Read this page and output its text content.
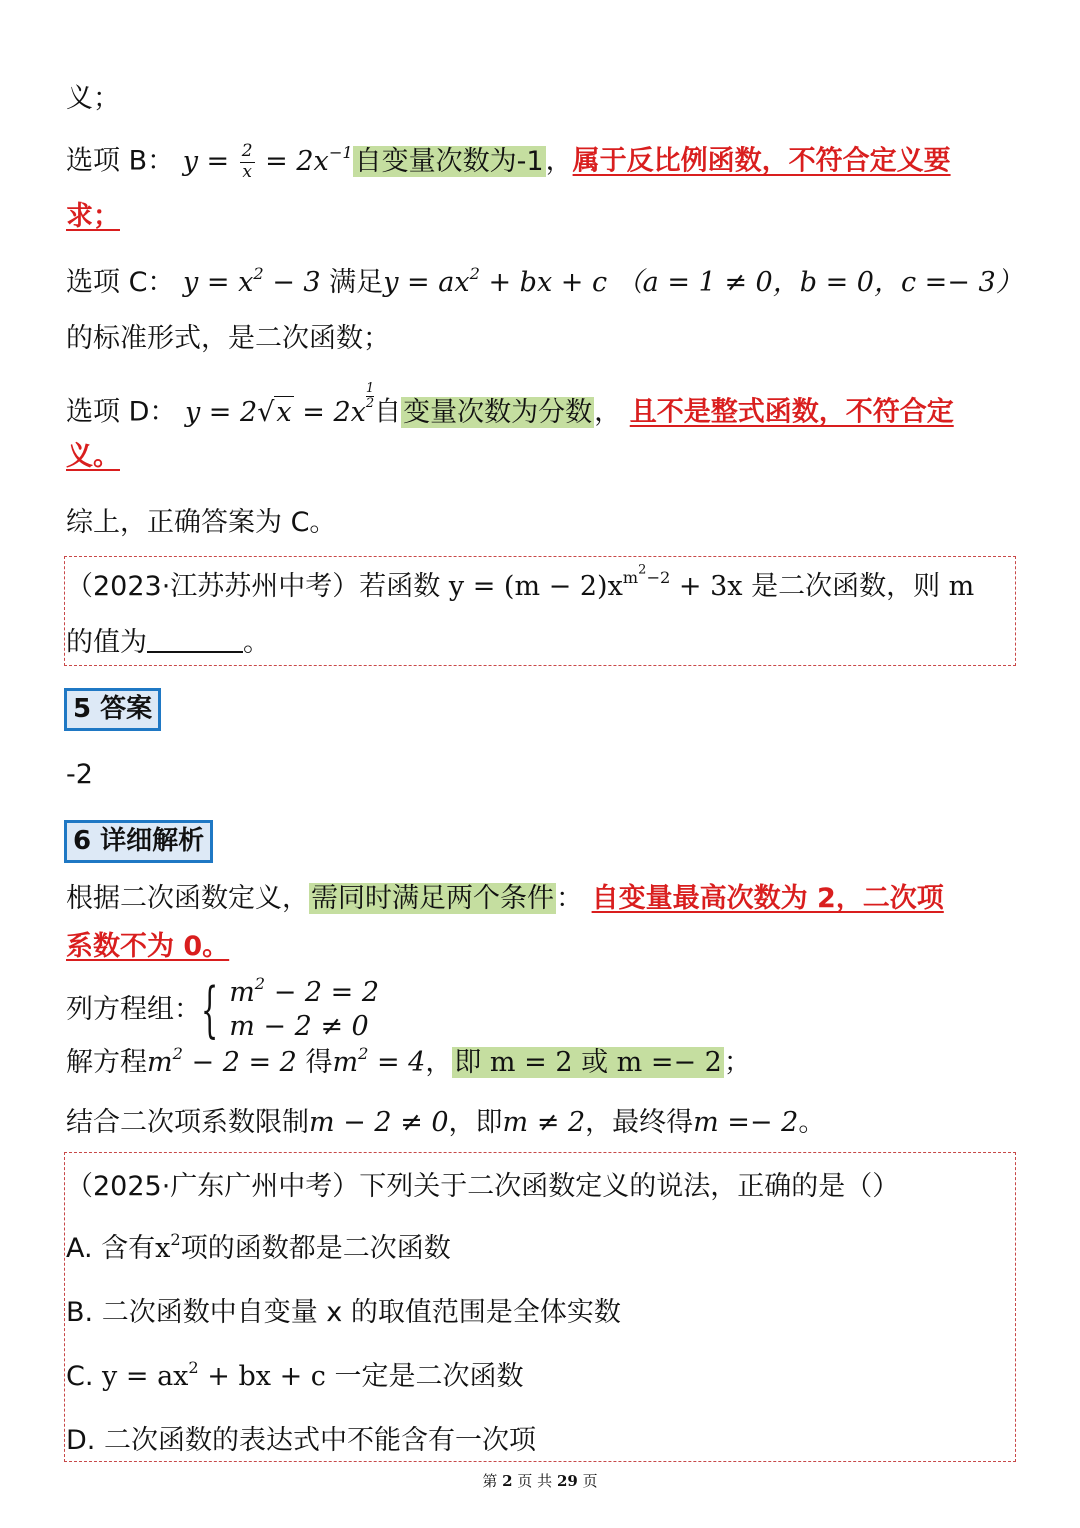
义；
选项 B： $y = \frac{2}{x} = 2x^{-1}$自变量次数为-1，属于反比例函数，不符合定义要
求；
选项 C： $y = x^2 - 3$ 满足$y = ax^2$ + bx + c （a = 1 ≠ 0，b = 0，c =− 3）
的标准形式，是二次函数；
选项 D： y = 2√x = 2x
$\frac{1}{2}$自变量次数为分数， 且不是整式函数，不符合定
义。
综上，正确答案为 C。
（2023·江苏苏州中考）若函数 $y = (m - 2)x^{m^2-2} + 3x$ 是二次函数，则 m
的值为	。
5 答案
-2
6 详细解析
根据二次函数定义，需同时满足两个条件： 自变量最高次数为 2，二次项
系数不为 0。
列方程组：{ $m^2 - 2 = 2$
m − 2 ≠ 0
解方程$m^2 - 2 = 2$ 得$m^2 = 4$，即 m = 2 或 m =− 2；
结合二次项系数限制m − 2 ≠ 0，即m ≠ 2，最终得m =− 2。
（2025·广东广州中考）下列关于二次函数定义的说法，正确的是（）
A. 含有$x^2$项的函数都是二次函数
B. 二次函数中自变量 x 的取值范围是全体实数
C. $y = ax^2$ + bx + c 一定是二次函数
D. 二次函数的表达式中不能含有一次项
第 2 页 共 29 页
